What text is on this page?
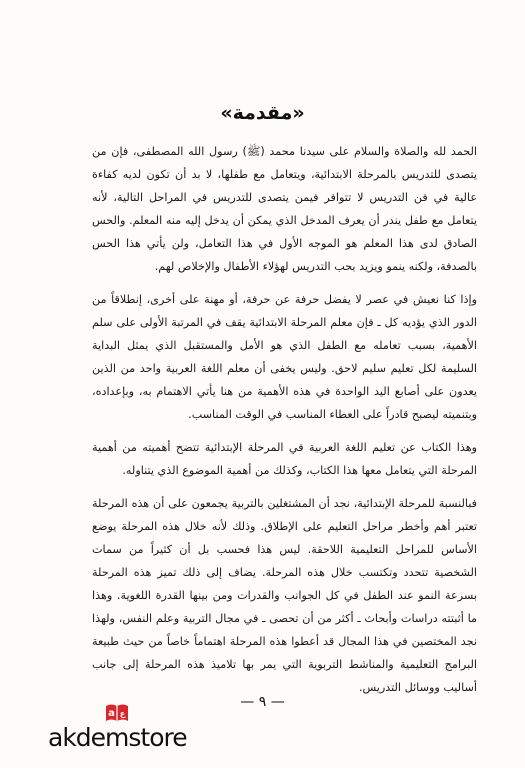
«مقدمة»

الحمد لله والصلاة والسلام على سيدنا محمد (ﷺ) رسول الله المصطفى، فإن من يتصدى للتدريس بالمرحلة الابتدائية، ويتعامل مع طفلها، لا بد أن تكون لديه كفاءة عالية في فن التدريس لا تتوافر فيمن يتصدى للتدريس في المراحل التالية، لأنه يتعامل مع طفل يندر أن يعرف المدخل الذي يمكن أن يدخل إليه منه المعلم. والحس الصادق لدى هذا المعلم هو الموجه الأول في هذا التعامل، ولن يأتي هذا الحس بالصدفة، ولكنه ينمو ويزيد بحب التدريس لهؤلاء الأطفال والإخلاص لهم.

وإذا كنا نعيش في عصر لا يفضل حرفة عن حرفة، أو مهنة على أخرى، إنطلاقاً من الدور الذي يؤديه كل ـ فإن معلم المرحلة الابتدائية يقف في المرتبة الأولى على سلم الأهمية، بسبب تعامله مع الطفل الذي هو الأمل والمستقبل الذي يمثل البداية السليمة لكل تعليم سليم لاحق. وليس يخفى أن معلم اللغة العربية واحد من الذين يعدون على أصابع اليد الواحدة في هذه الأهمية من هنا يأتي الاهتمام به، وبإعداده، وبتنميته ليصبح قادراً على العطاء المناسب في الوقت المناسب.

وهذا الكتاب عن تعليم اللغة العربية في المرحلة الإبتدائية تتضح أهميته من أهمية المرحلة التي يتعامل معها هذا الكتاب، وكذلك من أهمية الموضوع الذي يتناوله.

فبالنسبة للمرحلة الإبتدائية، نجد أن المشتغلين بالتربية يجمعون على أن هذه المرحلة تعتبر أهم وأخطر مراحل التعليم على الإطلاق. وذلك لأنه خلال هذه المرحلة يوضع الأساس للمراحل التعليمية اللاحقة. ليس هذا فحسب بل أن كثيراً من سمات الشخصية تتحدد وتكتسب خلال هذه المرحلة. يضاف إلى ذلك تميز هذه المرحلة بسرعة النمو عند الطفل في كل الجوانب والقدرات ومن بينها القدرة اللغوية. وهذا ما أثبتته دراسات وأبحاث ـ أكثر من أن تحصى ـ في مجال التربية وعلم النفس، ولهذا نجد المختصين في هذا المجال قد أعطوا هذه المرحلة اهتماماً خاصاً من حيث طبيعة البرامج التعليمية والمناشط التربوية التي يمر بها تلاميذ هذه المرحلة إلى جانب أساليب ووسائل التدريس.

— ٩ —
a ع
akdemstore
